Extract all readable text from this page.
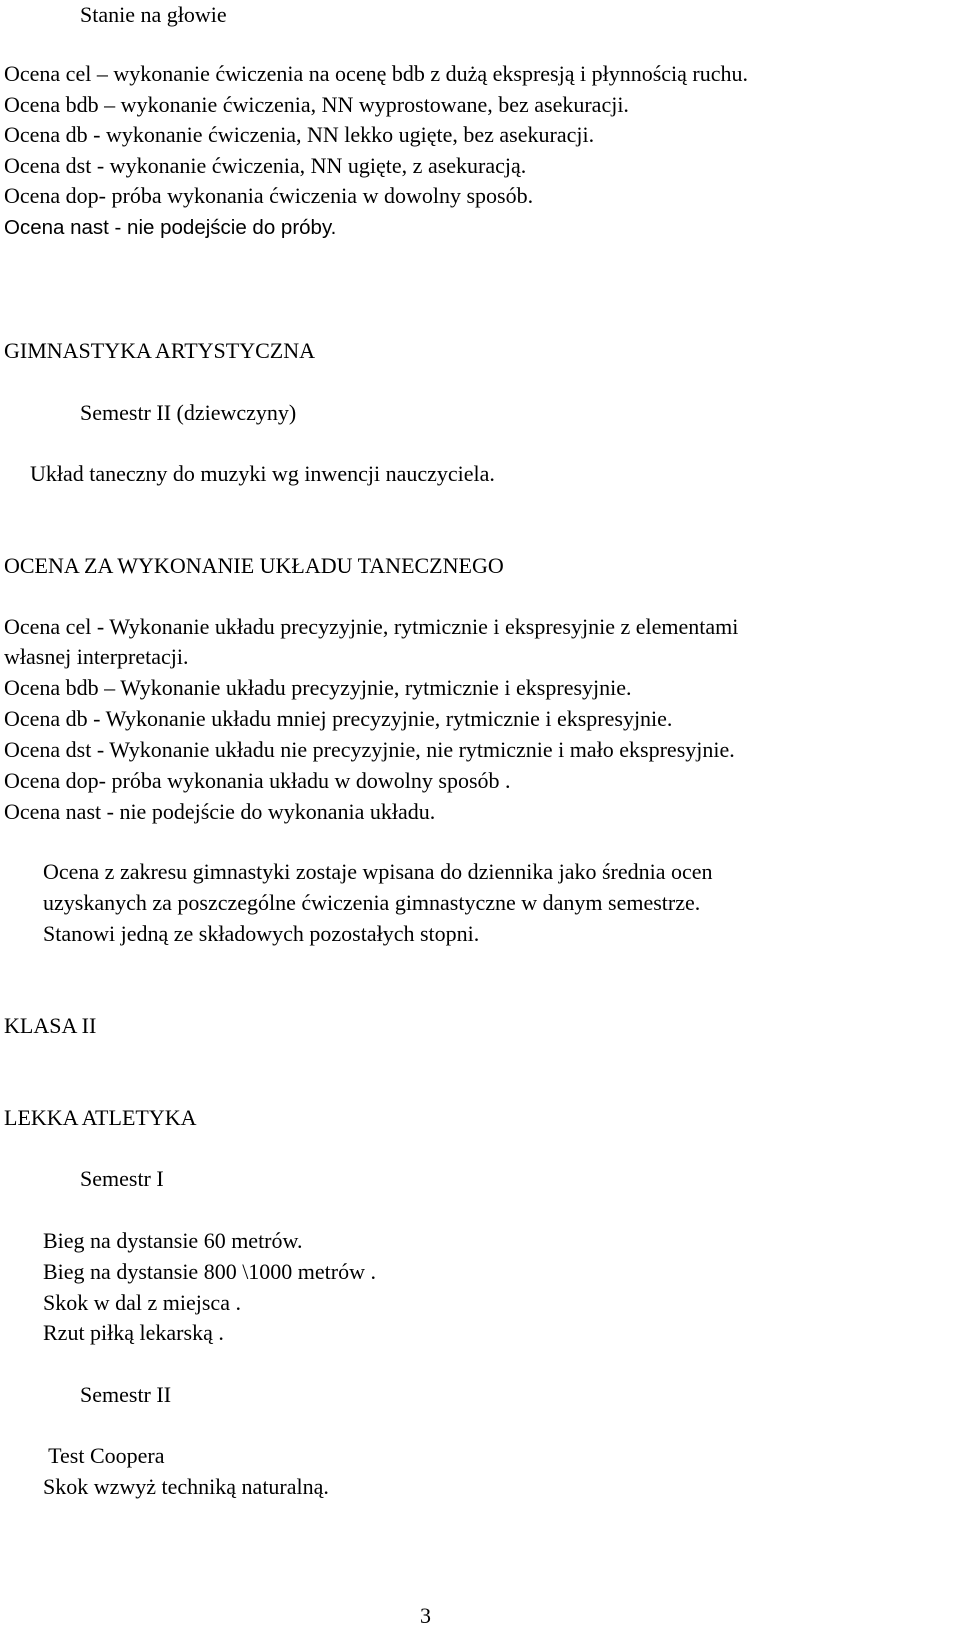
Stanie na głowie
Ocena cel – wykonanie ćwiczenia na ocenę bdb z dużą ekspresją i płynnością ruchu.
Ocena bdb – wykonanie ćwiczenia, NN wyprostowane, bez asekuracji.
Ocena db - wykonanie ćwiczenia, NN lekko ugięte, bez asekuracji.
Ocena dst - wykonanie ćwiczenia, NN ugięte, z asekuracją.
Ocena dop- próba wykonania ćwiczenia w dowolny sposób.
Ocena nast - nie podejście do próby.
GIMNASTYKA ARTYSTYCZNA
Semestr II (dziewczyny)
Układ taneczny do muzyki wg inwencji nauczyciela.
OCENA ZA WYKONANIE UKŁADU TANECZNEGO
Ocena cel - Wykonanie układu precyzyjnie, rytmicznie i ekspresyjnie z elementami
własnej interpretacji.
Ocena bdb – Wykonanie układu precyzyjnie, rytmicznie i ekspresyjnie.
Ocena db - Wykonanie układu mniej precyzyjnie, rytmicznie i ekspresyjnie.
Ocena dst - Wykonanie układu nie precyzyjnie, nie rytmicznie i mało ekspresyjnie.
Ocena dop- próba wykonania układu w dowolny sposób .
Ocena nast - nie podejście do wykonania układu.
Ocena z zakresu gimnastyki zostaje wpisana do dziennika jako średnia ocen
uzyskanych za poszczególne ćwiczenia gimnastyczne w danym semestrze.
Stanowi jedną ze składowych pozostałych stopni.
KLASA II
LEKKA ATLETYKA
Semestr I
Bieg na dystansie 60 metrów.
Bieg na dystansie 800 \1000 metrów .
Skok w dal z miejsca .
Rzut piłką lekarską .
Semestr II
Test Coopera
Skok wzwyż techniką naturalną.
3
